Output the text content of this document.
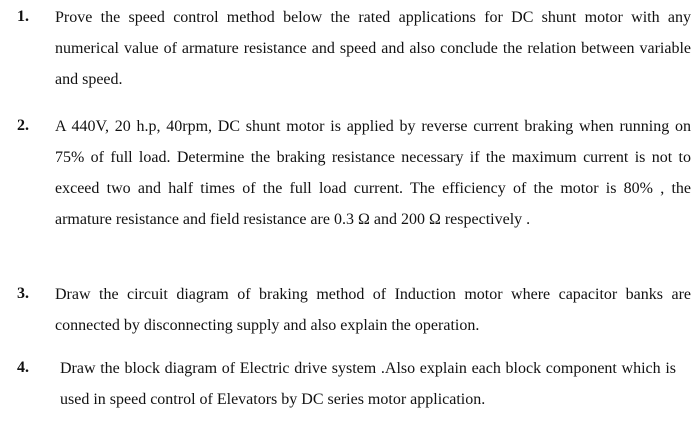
1. Prove the speed control method below the rated applications for DC shunt motor with any numerical value of armature resistance and speed and also conclude the relation between variable and speed.
2. A 440V, 20 h.p, 40rpm, DC shunt motor is applied by reverse current braking when running on 75% of full load. Determine the braking resistance necessary if the maximum current is not to exceed two and half times of the full load current. The efficiency of the motor is 80% , the armature resistance and field resistance are 0.3 Ω and 200 Ω respectively .
3. Draw the circuit diagram of braking method of Induction motor where capacitor banks are connected by disconnecting supply and also explain the operation.
4. Draw the block diagram of Electric drive system .Also explain each block component which is used in speed control of Elevators by DC series motor application.
